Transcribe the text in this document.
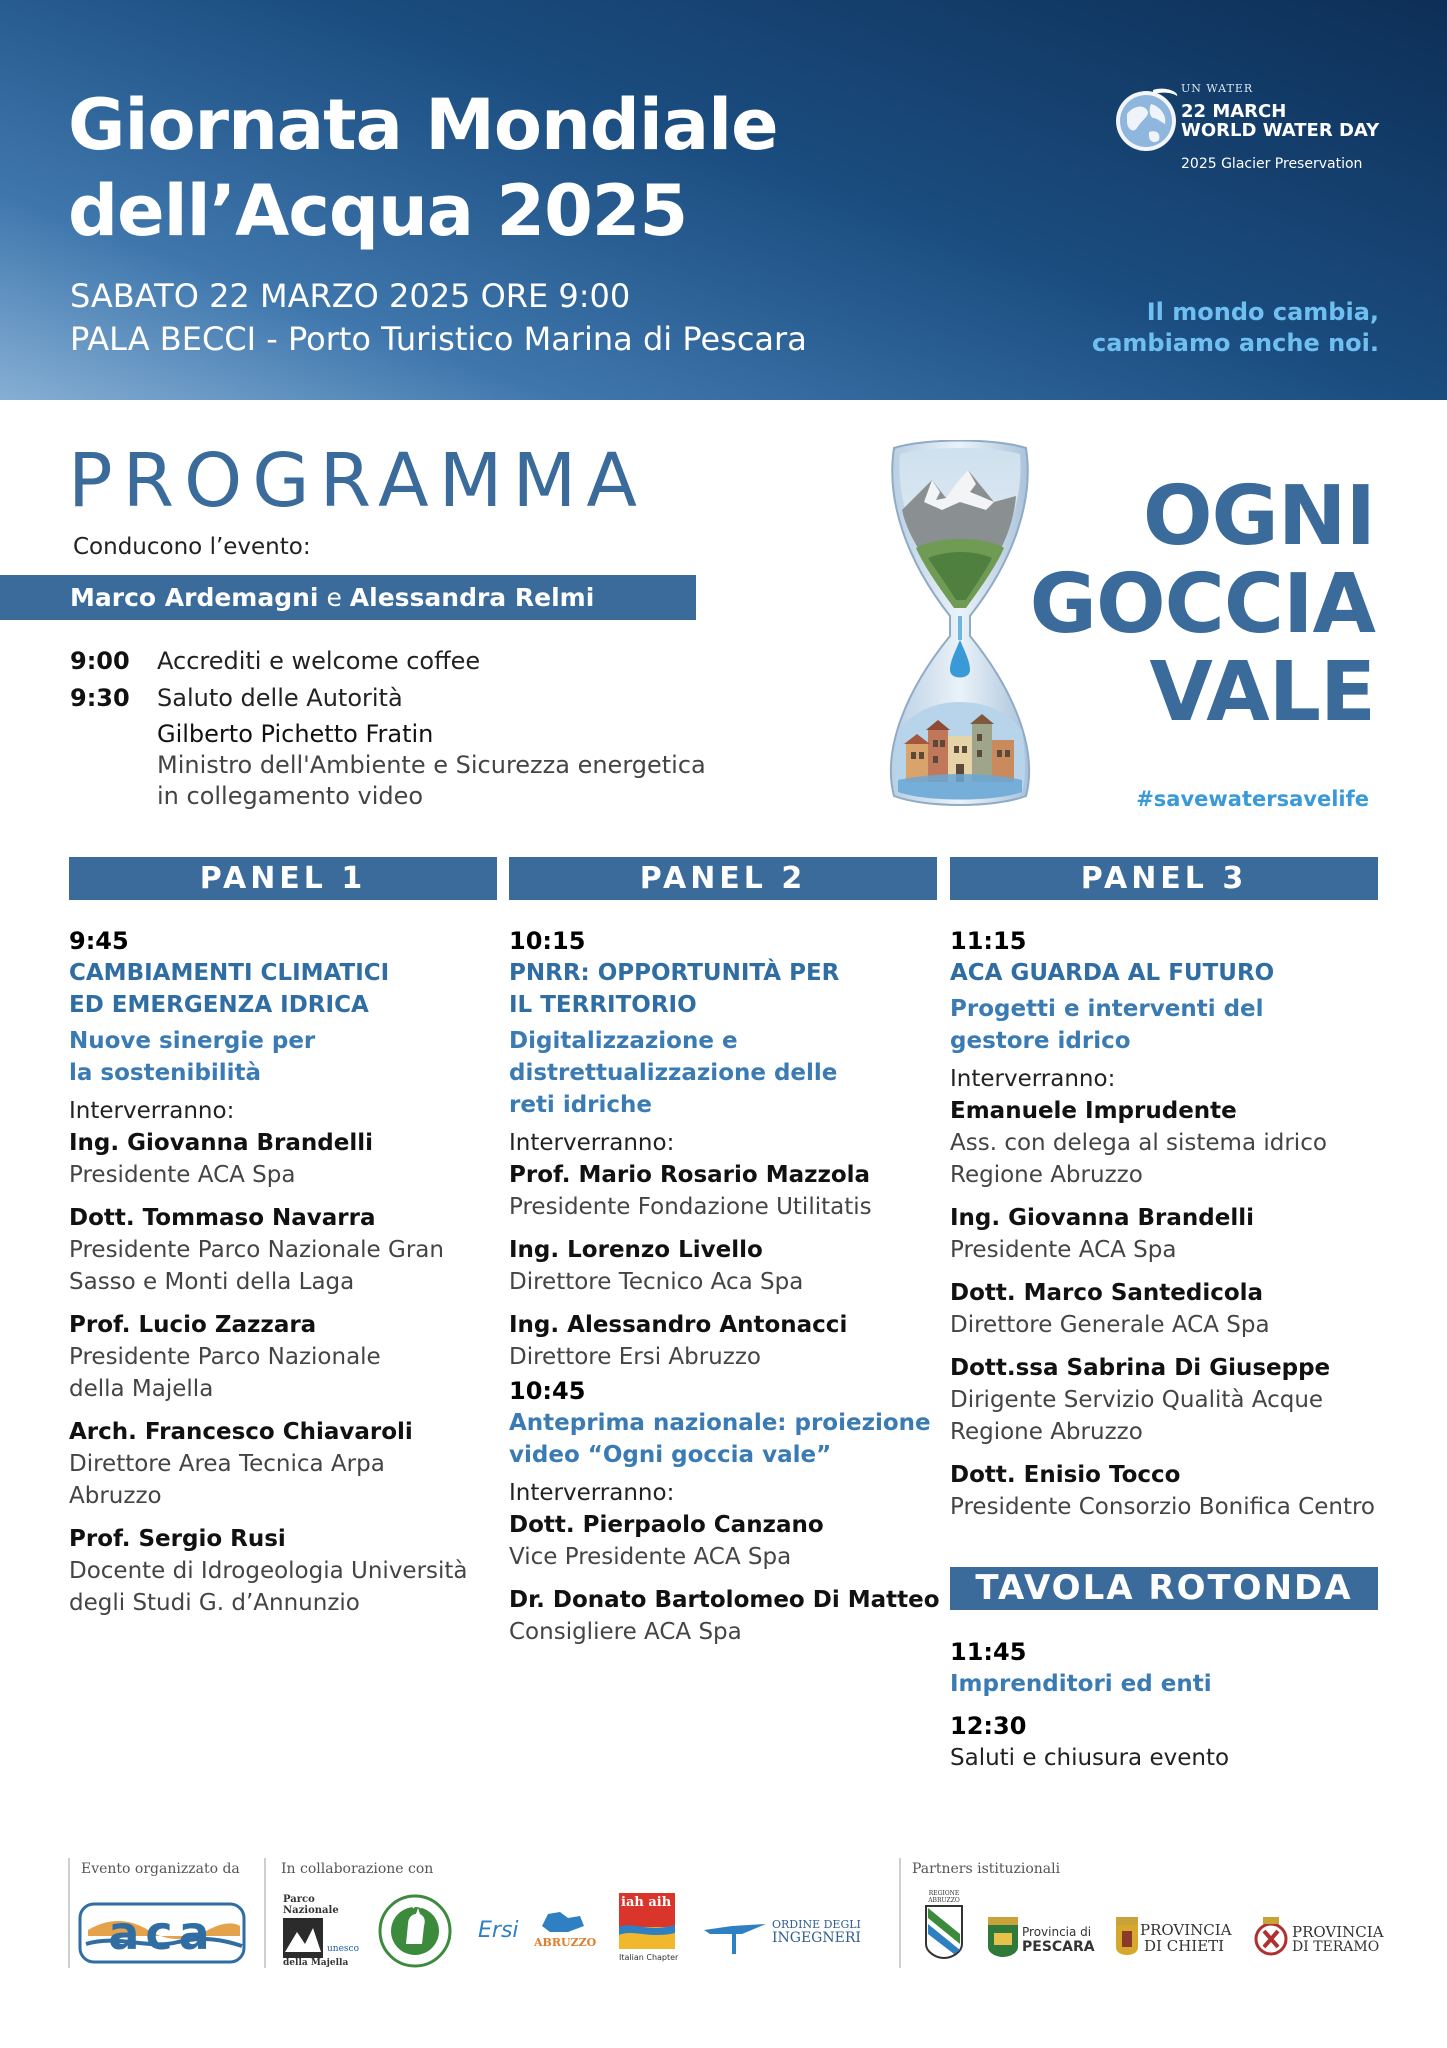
Giornata Mondiale
dell’Acqua 2025
SABATO 22 MARZO 2025 ORE 9:00
PALA BECCI - Porto Turistico Marina di Pescara
UN WATER
22 MARCH
WORLD WATER DAY
2025 Glacier Preservation
Il mondo cambia,
cambiamo anche noi.
PROGRAMMA
Conducono l’evento:
Marco Ardemagni e Alessandra Relmi
9:00	Accrediti e welcome coffee
9:30	Saluto delle Autorità
Gilberto Pichetto Fratin
Ministro dell'Ambiente e Sicurezza energetica
in collegamento video
OGNI
GOCCIA
VALE
#savewatersavelife
PANEL 1	PANEL 2	PANEL 3
9:45
CAMBIAMENTI CLIMATICI
ED EMERGENZA IDRICA
Nuove sinergie per
la sostenibilità
Interverranno:
Ing. Giovanna Brandelli
Presidente ACA Spa
Dott. Tommaso Navarra
Presidente Parco Nazionale Gran
Sasso e Monti della Laga
Prof. Lucio Zazzara
Presidente Parco Nazionale
della Majella
Arch. Francesco Chiavaroli
Direttore Area Tecnica Arpa
Abruzzo
Prof. Sergio Rusi
Docente di Idrogeologia Università
degli Studi G. d’Annunzio
10:15
PNRR: OPPORTUNITÀ PER
IL TERRITORIO
Digitalizzazione e
distrettualizzazione delle
reti idriche
Interverranno:
Prof. Mario Rosario Mazzola
Presidente Fondazione Utilitatis
Ing. Lorenzo Livello
Direttore Tecnico Aca Spa
Ing. Alessandro Antonacci
Direttore Ersi Abruzzo
10:45
Anteprima nazionale: proiezione
video “Ogni goccia vale”
Interverranno:
Dott. Pierpaolo Canzano
Vice Presidente ACA Spa
Dr. Donato Bartolomeo Di Matteo
Consigliere ACA Spa
11:15
ACA GUARDA AL FUTURO
Progetti e interventi del
gestore idrico
Interverranno:
Emanuele Imprudente
Ass. con delega al sistema idrico
Regione Abruzzo
Ing. Giovanna Brandelli
Presidente ACA Spa
Dott. Marco Santedicola
Direttore Generale ACA Spa
Dott.ssa Sabrina Di Giuseppe
Dirigente Servizio Qualità Acque
Regione Abruzzo
Dott. Enisio Tocco
Presidente Consorzio Bonifica Centro
TAVOLA ROTONDA
11:45
Imprenditori ed enti
12:30
Saluti e chiusura evento
Evento organizzato da	In collaborazione con	Partners istituzionali
aca
Parco
Nazionale
della Majella
unesco
Ersi ABRUZZO
iah aih
Italian Chapter
ORDINE DEGLI
INGEGNERI
REGIONE ABRUZZO
Provincia di
PESCARA
PROVINCIA
DI CHIETI
PROVINCIA
DI TERAMO
